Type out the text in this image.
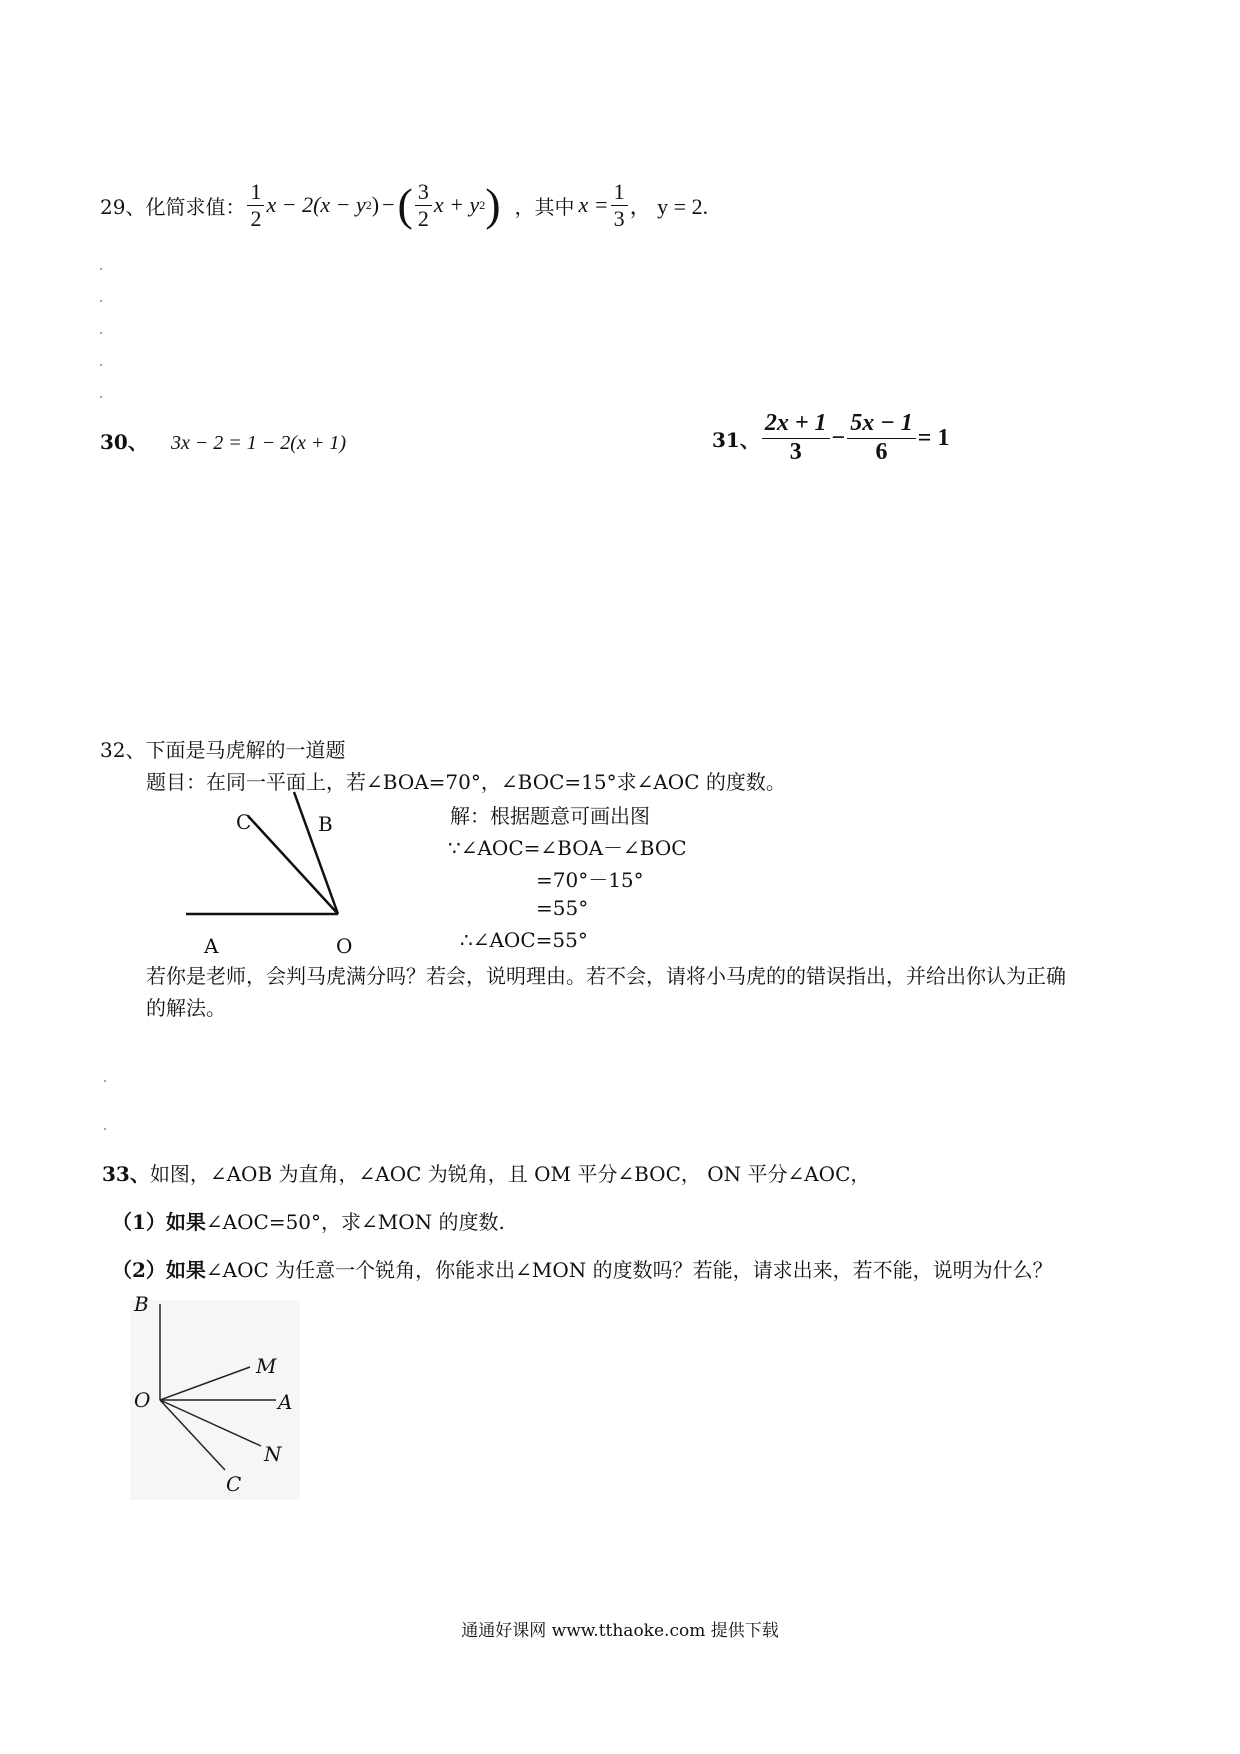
29、化简求值： $\frac{1}{2}$ x − 2(x − y 2 ) − ( $\frac{3}{2}$ x + y 2 ) ，其中 $x = \frac{1}{3}$ ， y = 2.
30、 3x − 2 = 1 − 2(x + 1)	31、 $\frac{2x + 1}{3} - \frac{5x - 1}{6} = 1$
32、下面是马虎解的一道题
题目：在同一平面上，若∠BOA=70°，∠BOC=15°求∠AOC 的度数。
C	B
A	O
解：根据题意可画出图
∵∠AOC=∠BOA－∠BOC
=70°－15°
=55°
∴∠AOC=55°
若你是老师，会判马虎满分吗？若会，说明理由。若不会，请将小马虎的的错误指出，并给出你认为正确
的解法。
33、如图，∠AOB 为直角，∠AOC 为锐角，且 OM 平分∠BOC， ON 平分∠AOC，
（1）如果∠AOC=50°，求∠MON 的度数.
（2）如果∠AOC 为任意一个锐角，你能求出∠MON 的度数吗？若能，请求出来，若不能，说明为什么？
B
M
O	A
N
C
通通好课网 www.tthaoke.com 提供下载
